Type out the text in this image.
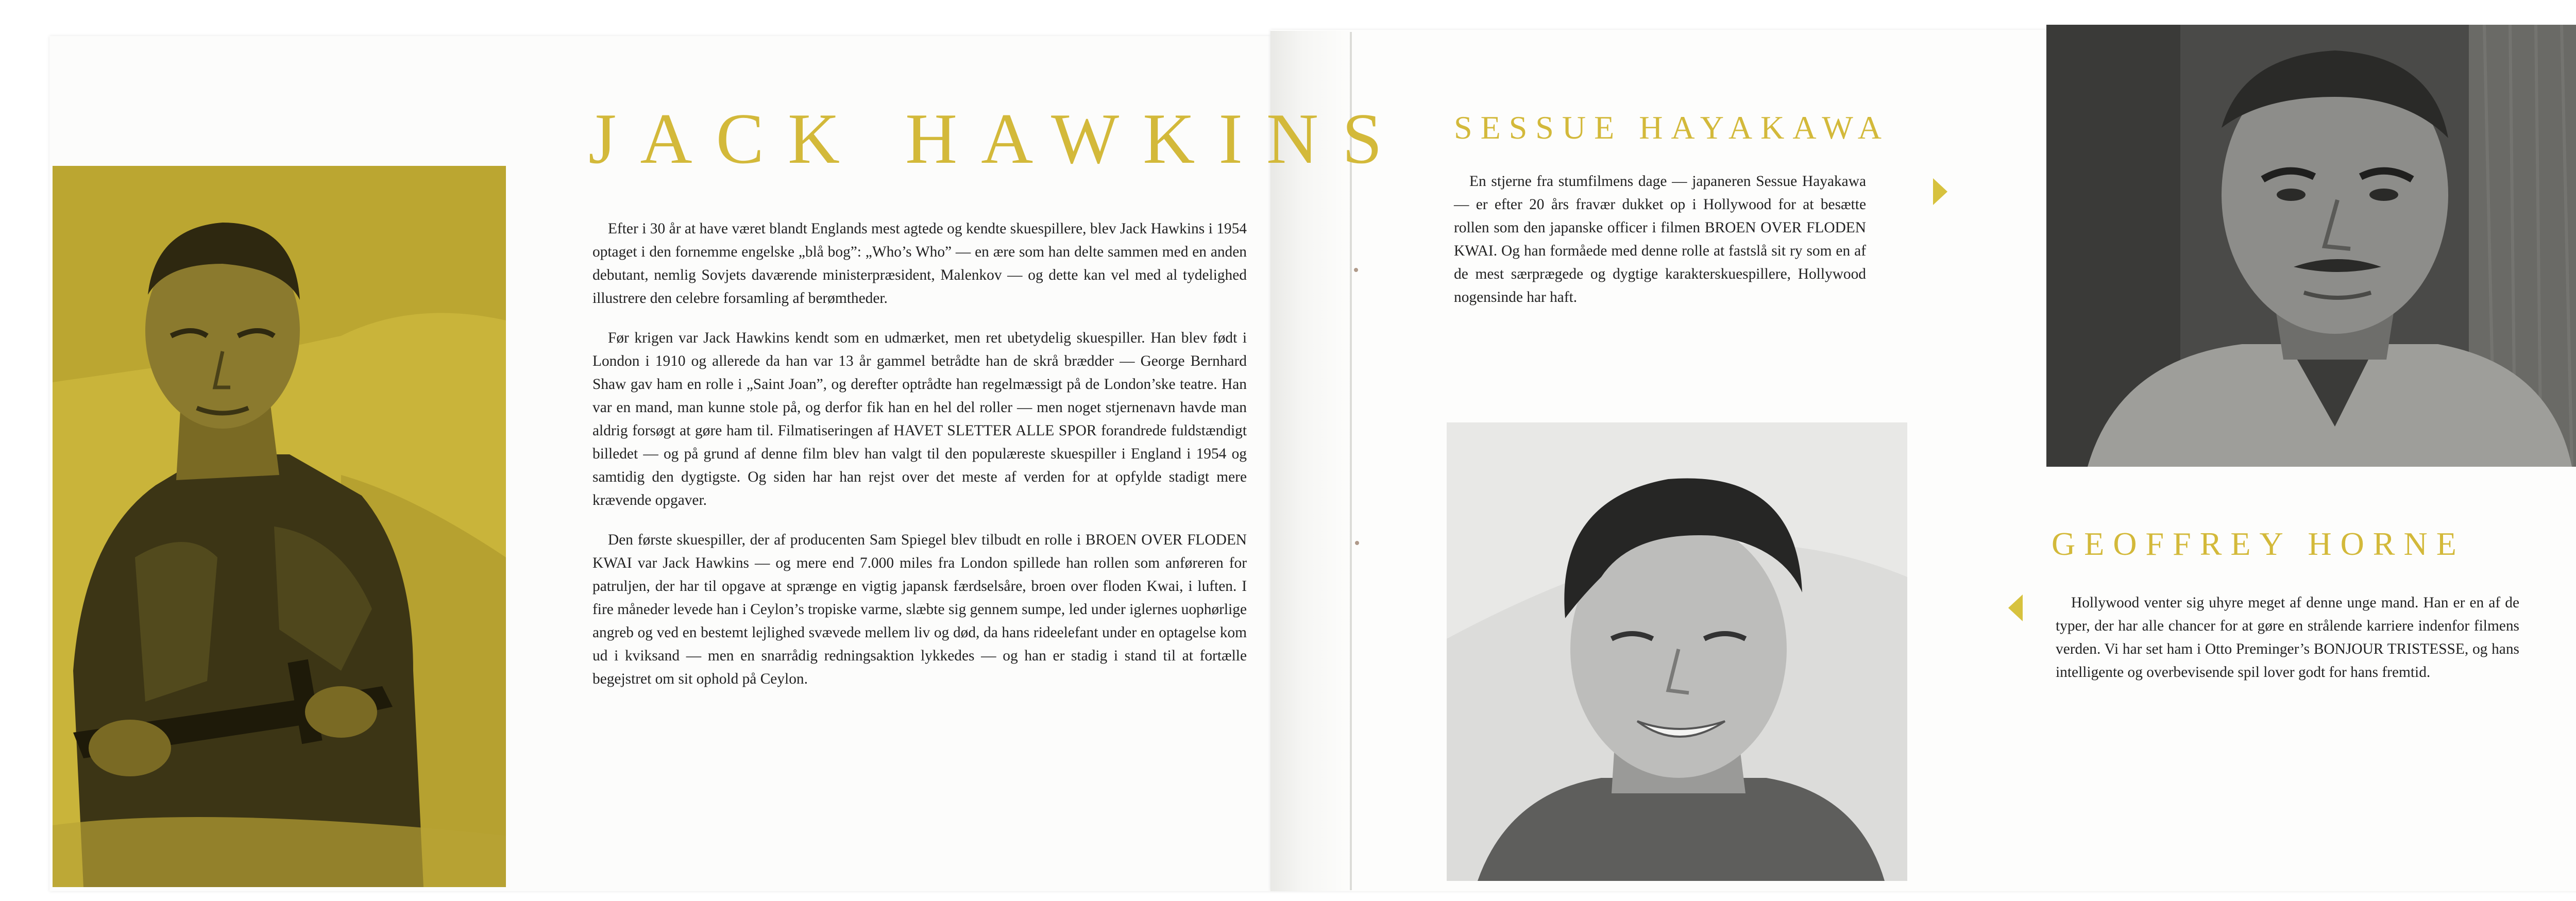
JACK HAWKINS SESSUE HAYAKAWA
GEOFFREY HORNE

Efter i 30 år at have været blandt Englands mest agtede og kendte skuespillere, blev Jack Hawkins i 1954 optaget i den fornemme engelske „blå bog”: „Who’s Who” — en ære som han delte sammen med en anden debutant, nemlig Sovjets daværende ministerpræsident, Malenkov — og dette kan vel med al tydelighed illustrere den celebre forsamling af berømtheder.

Før krigen var Jack Hawkins kendt som en udmærket, men ret ubetydelig skuespiller. Han blev født i London i 1910 og allerede da han var 13 år gammel betrådte han de skrå brædder — George Bernhard Shaw gav ham en rolle i „Saint Joan”, og derefter optrådte han regelmæssigt på de London’ske teatre. Han var en mand, man kunne stole på, og derfor fik han en hel del roller — men noget stjernenavn havde man aldrig forsøgt at gøre ham til. Filmatiseringen af HAVET SLETTER ALLE SPOR forandrede fuldstændigt billedet — og på grund af denne film blev han valgt til den populæreste skuespiller i England i 1954 og samtidig den dygtigste. Og siden har han rejst over det meste af verden for at opfylde stadigt mere krævende opgaver.

Den første skuespiller, der af producenten Sam Spiegel blev tilbudt en rolle i BROEN OVER FLODEN KWAI var Jack Hawkins — og mere end 7.000 miles fra London spillede han rollen som anføreren for patruljen, der har til opgave at sprænge en vigtig japansk færdselsåre, broen over floden Kwai, i luften. I fire måneder levede han i Ceylon’s tropiske varme, slæbte sig gennem sumpe, led under iglernes uophørlige angreb og ved en bestemt lejlighed svævede mellem liv og død, da hans rideelefant under en optagelse kom ud i kviksand — men en snarrådig redningsaktion lykkedes — og han er stadig i stand til at fortælle begejstret om sit ophold på Ceylon.

En stjerne fra stumfilmens dage — japaneren Sessue Hayakawa — er efter 20 års fravær dukket op i Hollywood for at besætte rollen som den japanske officer i filmen BROEN OVER FLODEN KWAI. Og han formåede med denne rolle at fastslå sit ry som en af de mest særprægede og dygtige karakterskuespillere, Hollywood nogensinde har haft.

Hollywood venter sig uhyre meget af denne unge mand. Han er en af de typer, der har alle chancer for at gøre en strålende karriere indenfor filmens verden. Vi har set ham i Otto Preminger’s BONJOUR TRISTESSE, og hans intelligente og overbevisende spil lover godt for hans fremtid.
